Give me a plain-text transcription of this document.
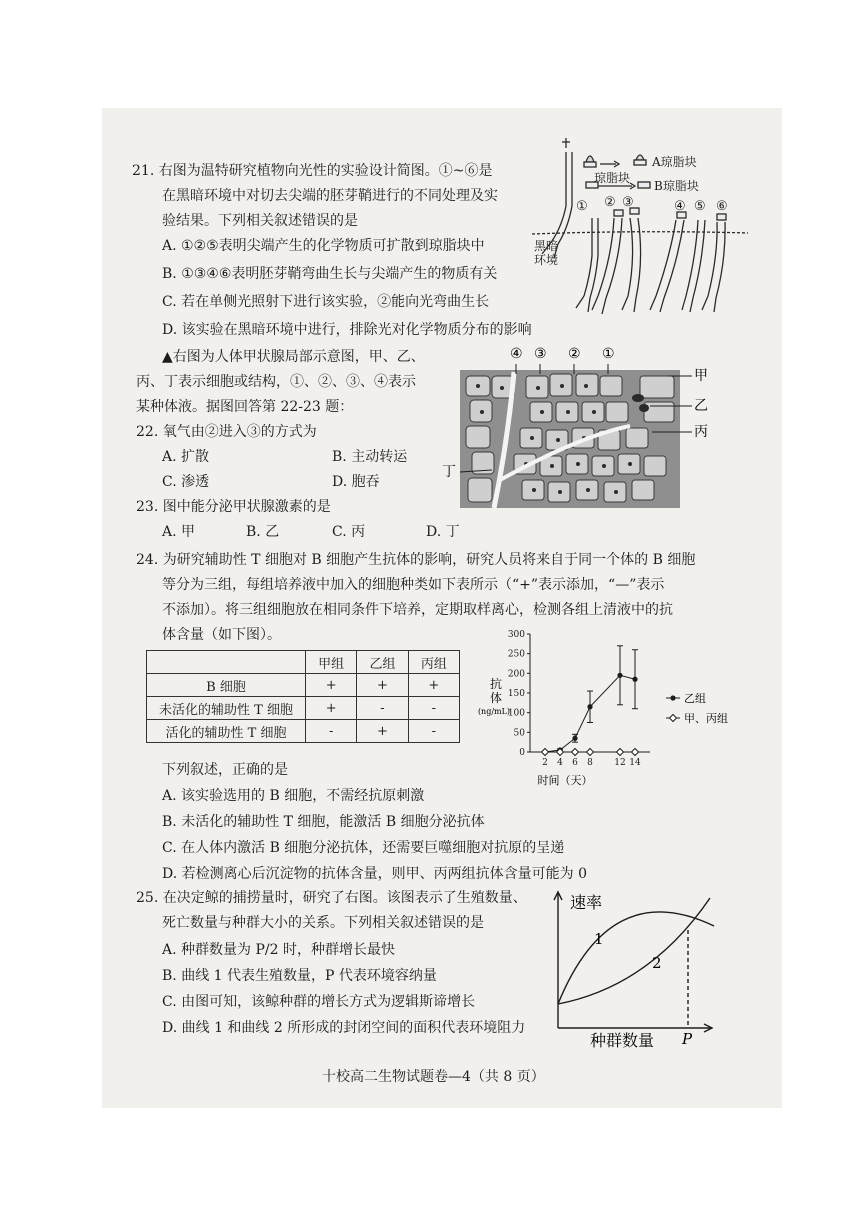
21. 右图为温特研究植物向光性的实验设计简图。①~⑥是
在黑暗环境中对切去尖端的胚芽鞘进行的不同处理及实
验结果。下列相关叙述错误的是
A. ①②⑤表明尖端产生的化学物质可扩散到琼脂块中
B. ①③④⑥表明胚芽鞘弯曲生长与尖端产生的物质有关
C. 若在单侧光照射下进行该实验，②能向光弯曲生长
D. 该实验在黑暗环境中进行，排除光对化学物质分布的影响
琼脂块
A琼脂块
B琼脂块
黑暗
环境
① ② ③	④ ⑤ ⑥
▲右图为人体甲状腺局部示意图，甲、乙、
丙、丁表示细胞或结构，①、②、③、④表示
某种体液。据图回答第 22-23 题：
④ ③ ② ①
甲
乙
丙
丁
22. 氧气由②进入③的方式为
A. 扩散	B. 主动转运
C. 渗透	D. 胞吞
23. 图中能分泌甲状腺激素的是
A. 甲	B. 乙	C. 丙	D. 丁
24. 为研究辅助性 T 细胞对 B 细胞产生抗体的影响，研究人员将来自于同一个体的 B 细胞
等分为三组，每组培养液中加入的细胞种类如下表所示（“+”表示添加，“—”表示
不添加）。将三组细胞放在相同条件下培养，定期取样离心，检测各组上清液中的抗
体含量（如下图）。
	甲组	乙组	丙组
B 细胞	+	+	+
未活化的辅助性 T 细胞	+	-	-
活化的辅助性 T 细胞	-	+	-
0
50
100
150
200
250
300
2 4 6 8 12 14
抗
体
(ng/mL)
时间（天）
乙组
甲、丙组
下列叙述，正确的是
A. 该实验选用的 B 细胞，不需经抗原刺激
B. 未活化的辅助性 T 细胞，能激活 B 细胞分泌抗体
C. 在人体内激活 B 细胞分泌抗体，还需要巨噬细胞对抗原的呈递
D. 若检测离心后沉淀物的抗体含量，则甲、丙两组抗体含量可能为 0
25. 在决定鲸的捕捞量时，研究了右图。该图表示了生殖数量、
死亡数量与种群大小的关系。下列相关叙述错误的是
A. 种群数量为 P/2 时，种群增长最快
B. 曲线 1 代表生殖数量，P 代表环境容纳量
C. 由图可知，该鲸种群的增长方式为逻辑斯谛增长
D. 曲线 1 和曲线 2 所形成的封闭空间的面积代表环境阻力
速率
1
2
种群数量 P
十校高二生物试题卷—4（共 8 页）
